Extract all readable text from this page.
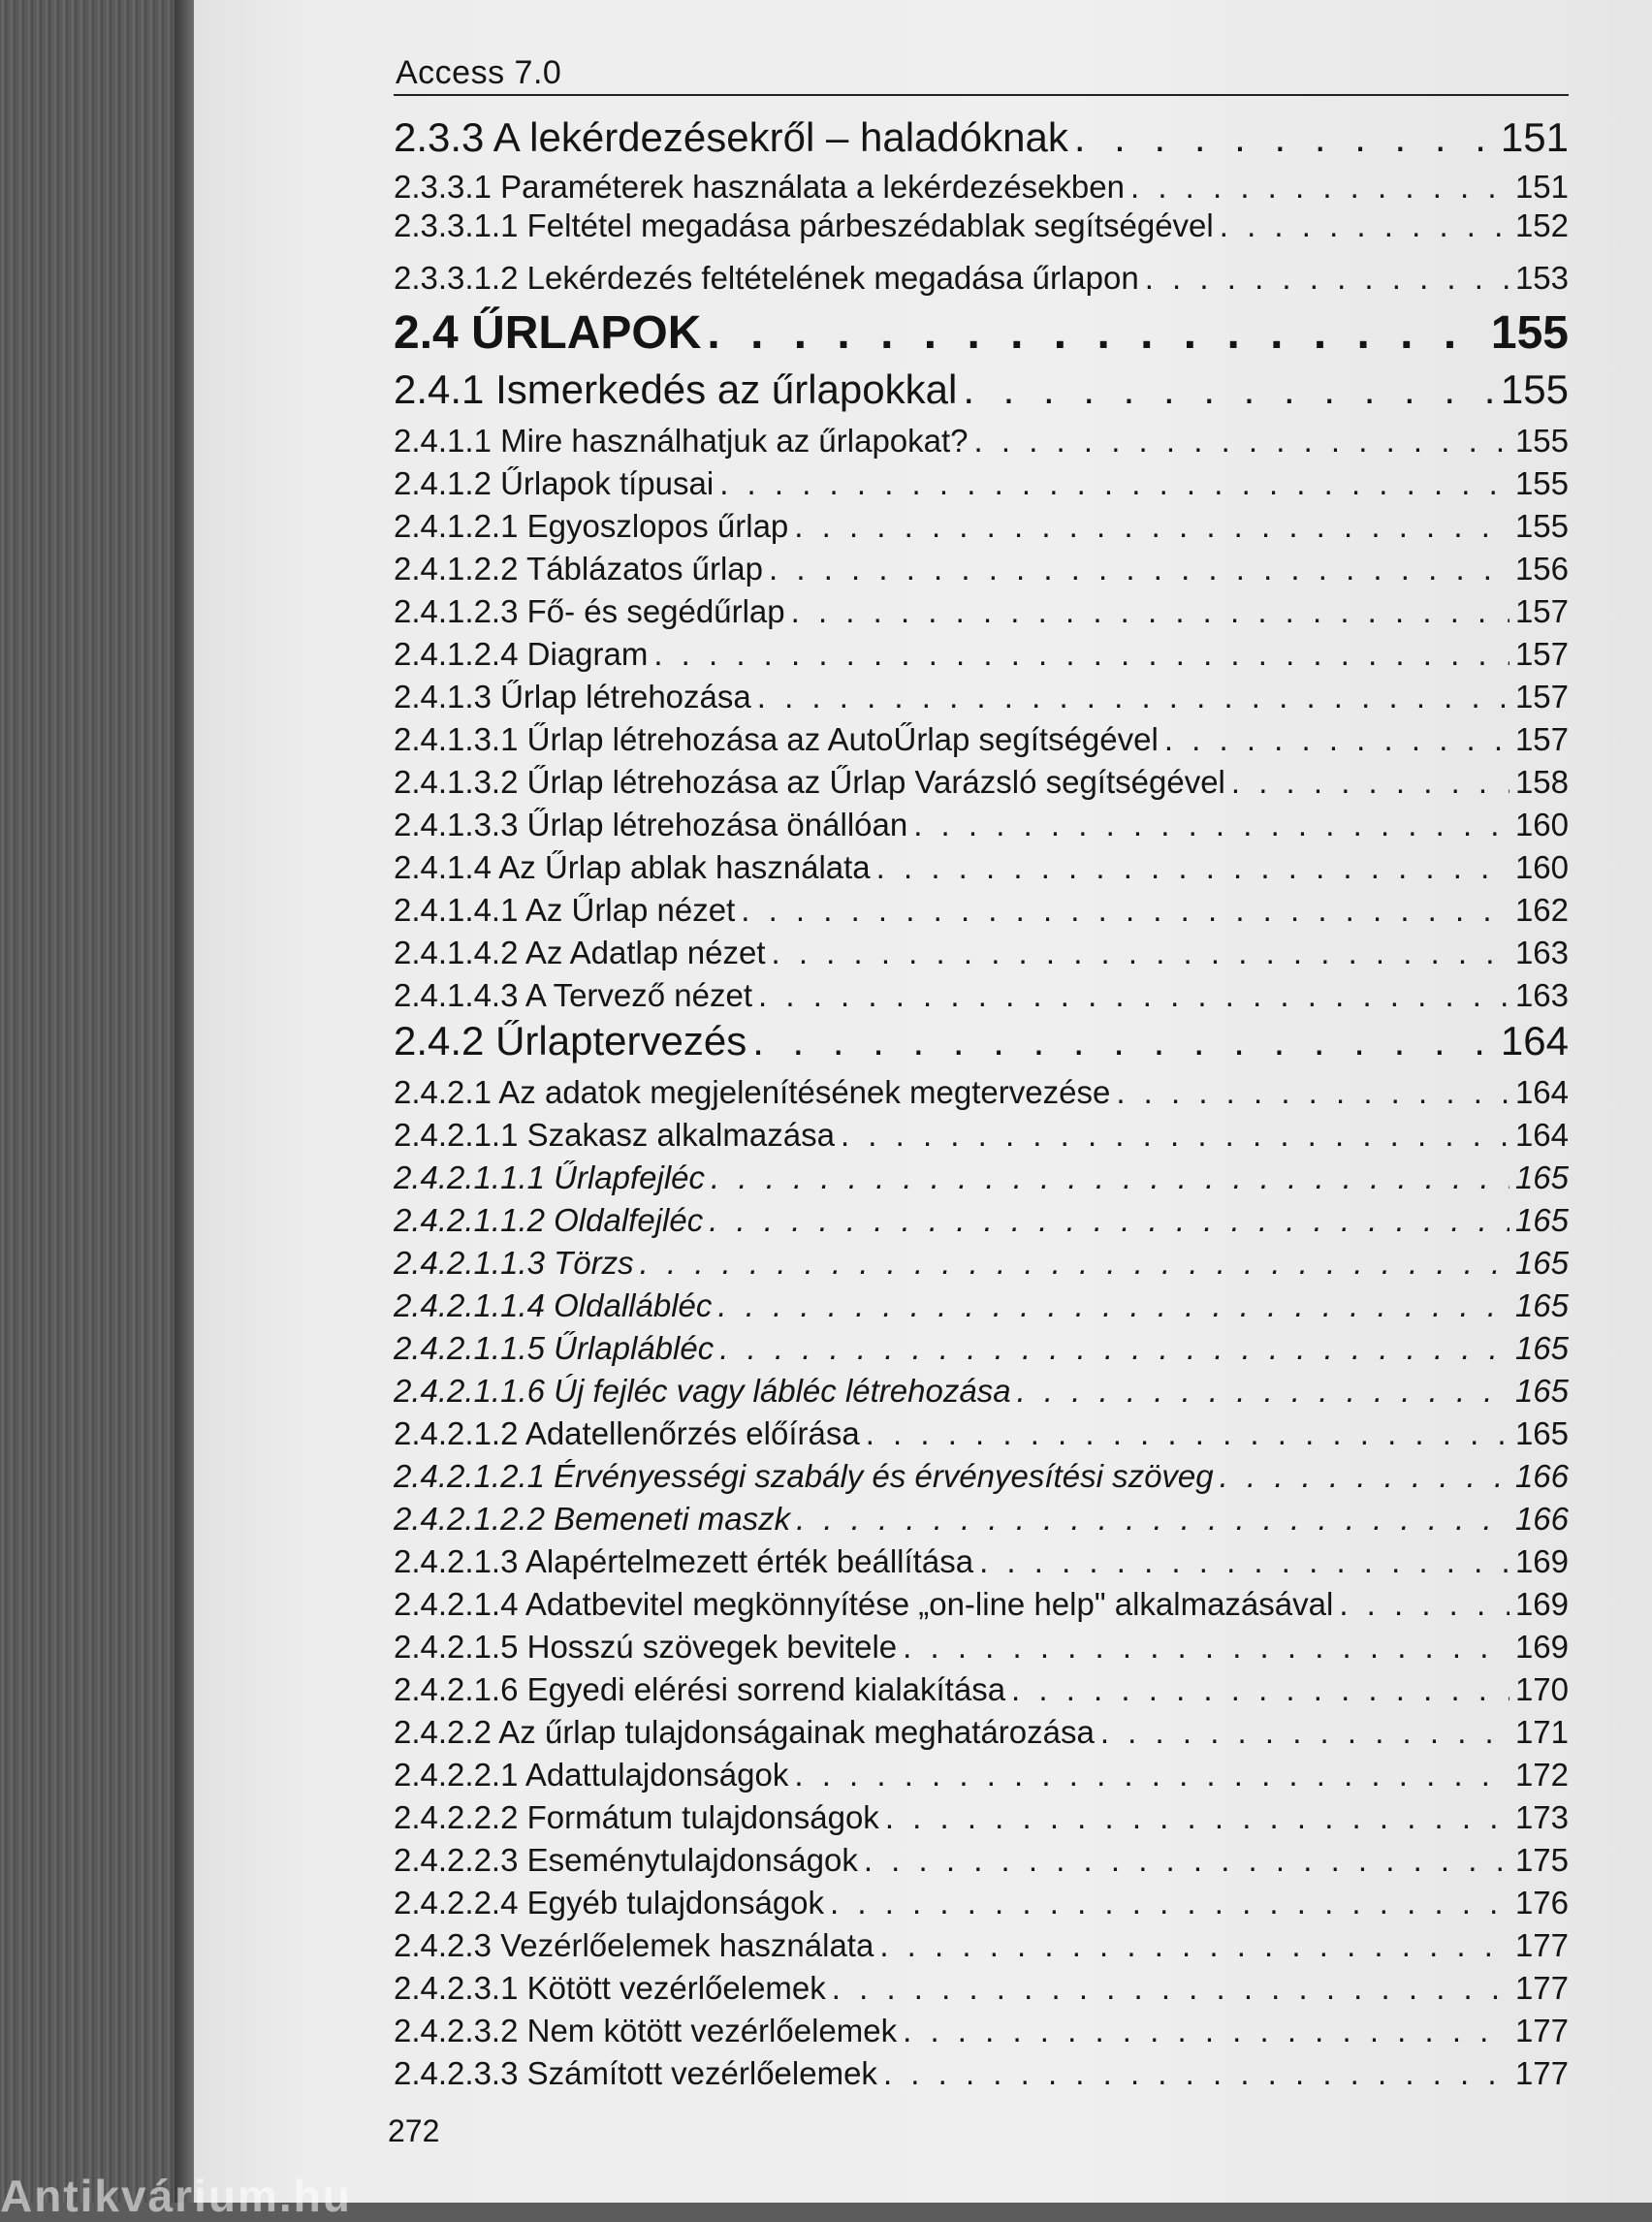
Access 7.0
2.3.3 A lekérdezésekről – haladóknak . . .	151
2.3.3.1 Paraméterek használata a lekérdezésekben . . .	151
2.3.3.1.1 Feltétel megadása párbeszédablak segítségével . . .	152
2.3.3.1.2 Lekérdezés feltételének megadása űrlapon . . .	153
2.4 ŰRLAPOK . . .	155
2.4.1 Ismerkedés az űrlapokkal . . .	155
2.4.1.1 Mire használhatjuk az űrlapokat? . . .	155
2.4.1.2 Űrlapok típusai . . .	155
2.4.1.2.1 Egyoszlopos űrlap . . .	155
2.4.1.2.2 Táblázatos űrlap . . .	156
2.4.1.2.3 Fő- és segédűrlap . . .	157
2.4.1.2.4 Diagram . . .	157
2.4.1.3 Űrlap létrehozása . . .	157
2.4.1.3.1 Űrlap létrehozása az AutoŰrlap segítségével . . .	157
2.4.1.3.2 Űrlap létrehozása az Űrlap Varázsló segítségével . . .	158
2.4.1.3.3 Űrlap létrehozása önállóan . . .	160
2.4.1.4 Az Űrlap ablak használata . . .	160
2.4.1.4.1 Az Űrlap nézet . . .	162
2.4.1.4.2 Az Adatlap nézet . . .	163
2.4.1.4.3 A Tervező nézet . . .	163
2.4.2 Űrlaptervezés . . .	164
2.4.2.1 Az adatok megjelenítésének megtervezése . . .	164
2.4.2.1.1 Szakasz alkalmazása . . .	164
2.4.2.1.1.1 Űrlapfejléc . . .	165
2.4.2.1.1.2 Oldalfejléc . . .	165
2.4.2.1.1.3 Törzs . . .	165
2.4.2.1.1.4 Oldallábléc . . .	165
2.4.2.1.1.5 Űrlaplábléc . . .	165
2.4.2.1.1.6 Új fejléc vagy lábléc létrehozása . . .	165
2.4.2.1.2 Adatellenőrzés előírása . . .	165
2.4.2.1.2.1 Érvényességi szabály és érvényesítési szöveg . . .	166
2.4.2.1.2.2 Bemeneti maszk . . .	166
2.4.2.1.3 Alapértelmezett érték beállítása . . .	169
2.4.2.1.4 Adatbevitel megkönnyítése „on-line help" alkalmazásával . . .	169
2.4.2.1.5 Hosszú szövegek bevitele . . .	169
2.4.2.1.6 Egyedi elérési sorrend kialakítása . . .	170
2.4.2.2 Az űrlap tulajdonságainak meghatározása . . .	171
2.4.2.2.1 Adattulajdonságok . . .	172
2.4.2.2.2 Formátum tulajdonságok . . .	173
2.4.2.2.3 Eseménytulajdonságok . . .	175
2.4.2.2.4 Egyéb tulajdonságok . . .	176
2.4.2.3 Vezérlőelemek használata . . .	177
2.4.2.3.1 Kötött vezérlőelemek . . .	177
2.4.2.3.2 Nem kötött vezérlőelemek . . .	177
2.4.2.3.3 Számított vezérlőelemek . . .	177
272
Antikvárium.hu
